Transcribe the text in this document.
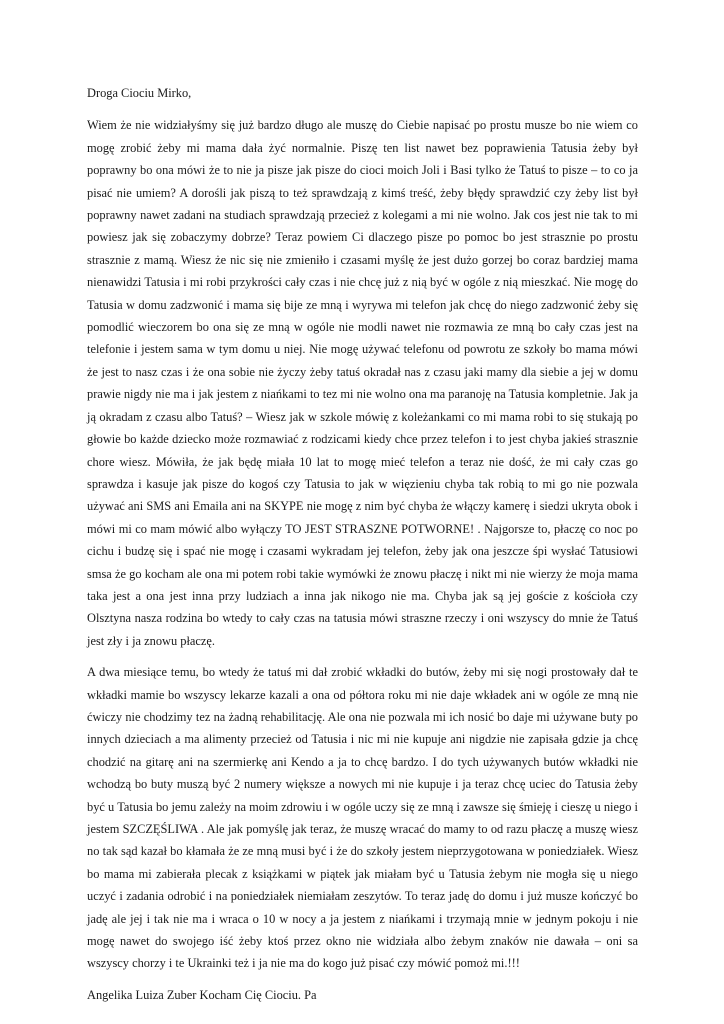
Droga Ciociu Mirko,

Wiem że nie widziałyśmy się już bardzo długo ale muszę do Ciebie napisać po prostu musze bo nie wiem co mogę zrobić żeby mi mama dała żyć normalnie. Piszę ten list nawet bez poprawienia Tatusia żeby był poprawny bo ona mówi że to nie ja pisze jak pisze do cioci moich Joli i Basi tylko że Tatuś to pisze – to co ja pisać nie umiem? A dorośli jak piszą to też sprawdzają z kimś treść, żeby błędy sprawdzić czy żeby list był poprawny nawet zadani na studiach sprawdzają przecież z kolegami a mi nie wolno. Jak cos jest nie tak to mi powiesz jak się zobaczymy dobrze? Teraz powiem Ci dlaczego pisze po pomoc bo jest strasznie po prostu strasznie z mamą. Wiesz że nic się nie zmieniło i czasami myślę że jest dużo gorzej bo coraz bardziej mama nienawidzi Tatusia i mi robi przykrości cały czas i nie chcę już z nią być w ogóle z nią mieszkać. Nie mogę do Tatusia w domu zadzwonić i mama się bije ze mną i wyrywa mi telefon jak chcę do niego zadzwonić żeby się pomodlić wieczorem bo ona się ze mną w ogóle nie modli nawet nie rozmawia ze mną bo cały czas jest na telefonie i jestem sama w tym domu u niej. Nie mogę używać telefonu od powrotu ze szkoły bo mama mówi że jest to nasz czas i że ona sobie nie życzy żeby tatuś okradał nas z czasu jaki mamy dla siebie a jej w domu prawie nigdy nie ma i jak jestem z niańkami to tez mi nie wolno ona ma paranoję na Tatusia kompletnie. Jak ja ją okradam z czasu albo Tatuś? – Wiesz jak w szkole mówię z koleżankami co mi mama robi to się stukają po głowie bo każde dziecko może rozmawiać z rodzicami kiedy chce przez telefon i to jest chyba jakieś strasznie chore wiesz. Mówiła, że jak będę miała 10 lat to mogę mieć telefon a teraz nie dość, że mi cały czas go sprawdza i kasuje jak pisze do kogoś czy Tatusia to jak w więzieniu chyba tak robią to mi go nie pozwala używać ani SMS ani Emaila ani na SKYPE nie mogę z nim być chyba że włączy kamerę i siedzi ukryta obok i mówi mi co mam mówić albo wyłączy TO JEST STRASZNE POTWORNE! . Najgorsze to, płaczę co noc po cichu i budzę się i spać nie mogę i czasami wykradam jej telefon, żeby jak ona jeszcze śpi wysłać Tatusiowi smsa że go kocham ale ona mi potem robi takie wymówki że znowu płaczę i nikt mi nie wierzy że moja mama taka jest a ona jest inna przy ludziach a inna jak nikogo nie ma. Chyba jak są jej goście z kościoła czy Olsztyna nasza rodzina bo wtedy to cały czas na tatusia mówi straszne rzeczy i oni wszyscy do mnie że Tatuś jest zły i ja znowu płaczę.

A dwa miesiące temu, bo wtedy że tatuś mi dał zrobić wkładki do butów, żeby mi się nogi prostowały dał te wkładki mamie bo wszyscy lekarze kazali a ona od półtora roku mi nie daje wkładek ani w ogóle ze mną nie ćwiczy nie chodzimy tez na żadną rehabilitację. Ale ona nie pozwala mi ich nosić bo daje mi używane buty po innych dzieciach a ma alimenty przecież od Tatusia i nic mi nie kupuje ani nigdzie nie zapisała gdzie ja chcę chodzić na gitarę ani na szermierkę ani Kendo a ja to chcę bardzo. I do tych używanych butów wkładki nie wchodzą bo buty muszą być 2 numery większe a nowych mi nie kupuje i ja teraz chcę uciec do Tatusia żeby być u Tatusia bo jemu zależy na moim zdrowiu i w ogóle uczy się ze mną i zawsze się śmieję i cieszę u niego i jestem SZCZĘŚLIWA . Ale jak pomyślę jak teraz, że muszę wracać do mamy to od razu płaczę a muszę wiesz no tak sąd kazał bo kłamała że ze mną musi być i że do szkoły jestem nieprzygotowana w poniedziałek. Wiesz bo mama mi zabierała plecak z książkami w piątek jak miałam być u Tatusia żebym nie mogła się u niego uczyć i zadania odrobić i na poniedziałek niemiałam zeszytów. To teraz jadę do domu i już musze kończyć bo jadę ale jej i tak nie ma i wraca o 10 w nocy a ja jestem z niańkami i trzymają mnie w jednym pokoju i nie mogę nawet do swojego iść żeby ktoś przez okno nie widziała albo żebym znaków nie dawała – oni sa wszyscy chorzy i te Ukrainki też i ja nie ma do kogo już pisać czy mówić pomoż mi.!!!

Angelika Luiza Zuber Kocham Cię Ciociu. Pa
